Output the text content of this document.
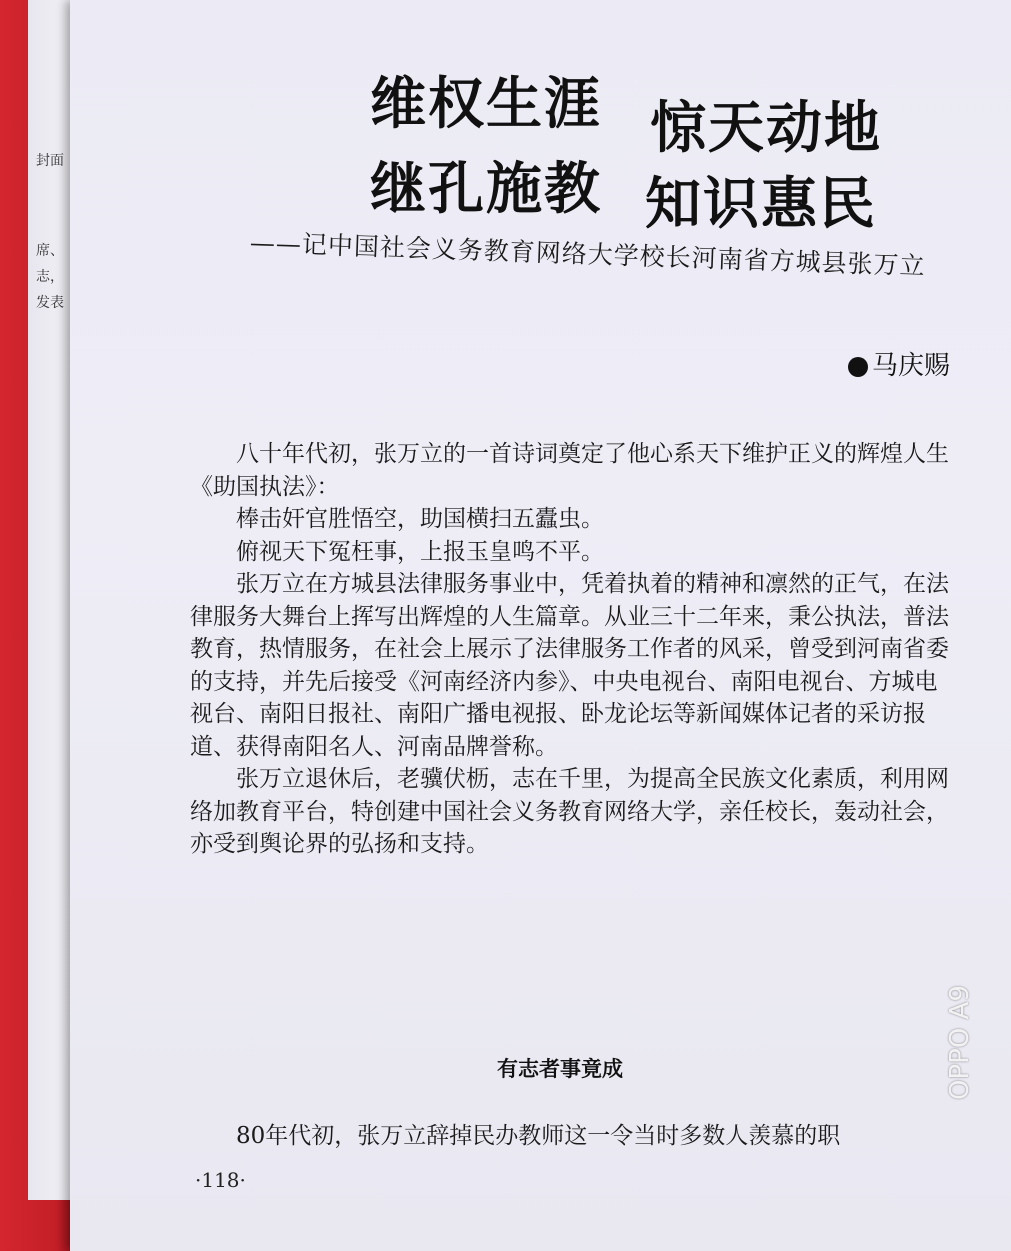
封面
席、
志，
发表
维权生涯 惊天动地
继孔施教 知识惠民
——记中国社会义务教育网络大学校长河南省方城县张万立
马庆赐

八十年代初，张万立的一首诗词奠定了他心系天下维护正义的辉煌人生《助国执法》：

棒击奸官胜悟空，助国横扫五蠹虫。

俯视天下冤枉事，上报玉皇鸣不平。

张万立在方城县法律服务事业中，凭着执着的精神和凛然的正气，在法律服务大舞台上挥写出辉煌的人生篇章。从业三十二年来，秉公执法，普法教育，热情服务，在社会上展示了法律服务工作者的风采，曾受到河南省委的支持，并先后接受《河南经济内参》、中央电视台、南阳电视台、方城电视台、南阳日报社、南阳广播电视报、卧龙论坛等新闻媒体记者的采访报道、获得南阳名人、河南品牌誉称。

张万立退休后，老骥伏枥，志在千里，为提高全民族文化素质，利用网络加教育平台，特创建中国社会义务教育网络大学，亲任校长，轰动社会，亦受到舆论界的弘扬和支持。

有志者事竟成

80年代初，张万立辞掉民办教师这一令当时多数人羡慕的职

·118·
OPPO A9
